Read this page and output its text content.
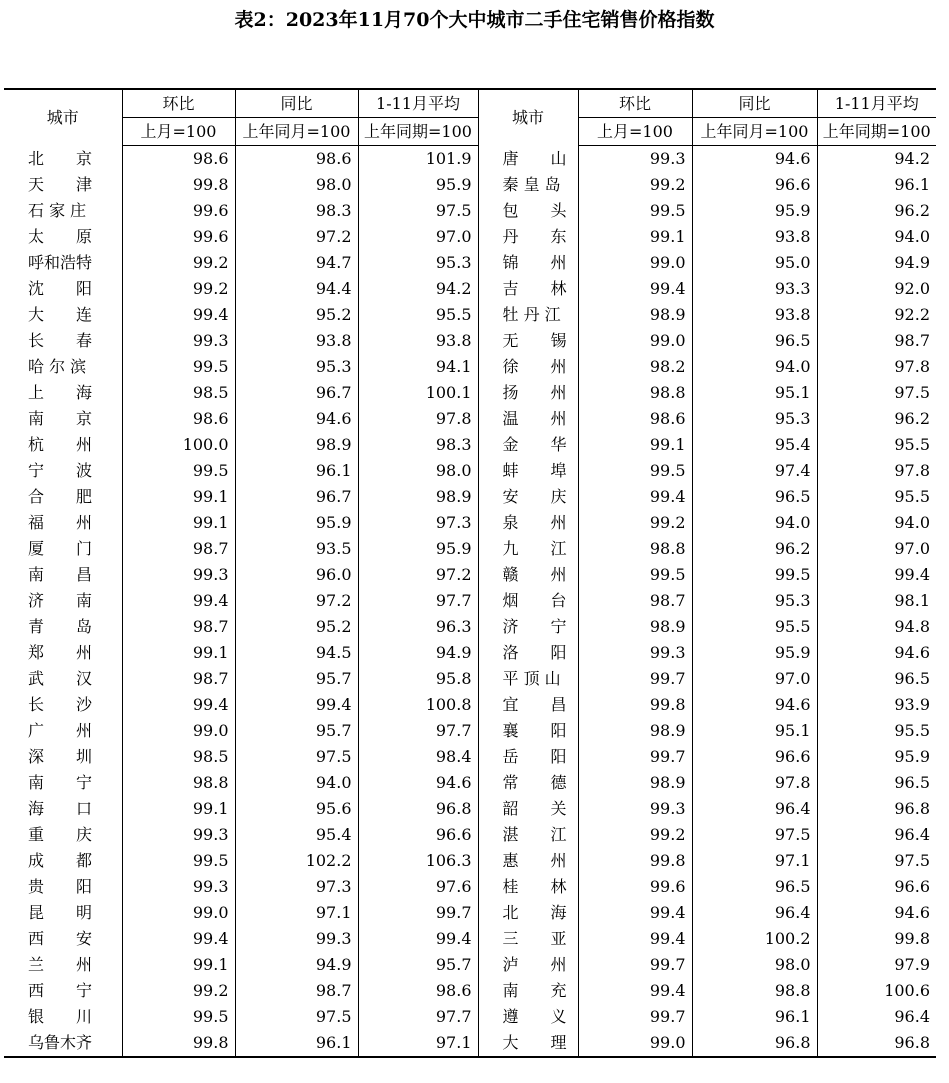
表2：2023年11月70个大中城市二手住宅销售价格指数
城市	环比	同比	1-11月平均	城市	环比	同比	1-11月平均
	上月=100	上年同月=100	上年同期=100		上月=100	上年同月=100	上年同期=100
北　　京	98.6	98.6	101.9	唐　　山	99.3	94.6	94.2
天　　津	99.8	98.0	95.9	秦 皇 岛	99.2	96.6	96.1
石 家 庄	99.6	98.3	97.5	包　　头	99.5	95.9	96.2
太　　原	99.6	97.2	97.0	丹　　东	99.1	93.8	94.0
呼和浩特	99.2	94.7	95.3	锦　　州	99.0	95.0	94.9
沈　　阳	99.2	94.4	94.2	吉　　林	99.4	93.3	92.0
大　　连	99.4	95.2	95.5	牡 丹 江	98.9	93.8	92.2
长　　春	99.3	93.8	93.8	无　　锡	99.0	96.5	98.7
哈 尔 滨	99.5	95.3	94.1	徐　　州	98.2	94.0	97.8
上　　海	98.5	96.7	100.1	扬　　州	98.8	95.1	97.5
南　　京	98.6	94.6	97.8	温　　州	98.6	95.3	96.2
杭　　州	100.0	98.9	98.3	金　　华	99.1	95.4	95.5
宁　　波	99.5	96.1	98.0	蚌　　埠	99.5	97.4	97.8
合　　肥	99.1	96.7	98.9	安　　庆	99.4	96.5	95.5
福　　州	99.1	95.9	97.3	泉　　州	99.2	94.0	94.0
厦　　门	98.7	93.5	95.9	九　　江	98.8	96.2	97.0
南　　昌	99.3	96.0	97.2	赣　　州	99.5	99.5	99.4
济　　南	99.4	97.2	97.7	烟　　台	98.7	95.3	98.1
青　　岛	98.7	95.2	96.3	济　　宁	98.9	95.5	94.8
郑　　州	99.1	94.5	94.9	洛　　阳	99.3	95.9	94.6
武　　汉	98.7	95.7	95.8	平 顶 山	99.7	97.0	96.5
长　　沙	99.4	99.4	100.8	宜　　昌	99.8	94.6	93.9
广　　州	99.0	95.7	97.7	襄　　阳	98.9	95.1	95.5
深　　圳	98.5	97.5	98.4	岳　　阳	99.7	96.6	95.9
南　　宁	98.8	94.0	94.6	常　　德	98.9	97.8	96.5
海　　口	99.1	95.6	96.8	韶　　关	99.3	96.4	96.8
重　　庆	99.3	95.4	96.6	湛　　江	99.2	97.5	96.4
成　　都	99.5	102.2	106.3	惠　　州	99.8	97.1	97.5
贵　　阳	99.3	97.3	97.6	桂　　林	99.6	96.5	96.6
昆　　明	99.0	97.1	99.7	北　　海	99.4	96.4	94.6
西　　安	99.4	99.3	99.4	三　　亚	99.4	100.2	99.8
兰　　州	99.1	94.9	95.7	泸　　州	99.7	98.0	97.9
西　　宁	99.2	98.7	98.6	南　　充	99.4	98.8	100.6
银　　川	99.5	97.5	97.7	遵　　义	99.7	96.1	96.4
乌鲁木齐	99.8	96.1	97.1	大　　理	99.0	96.8	96.8
